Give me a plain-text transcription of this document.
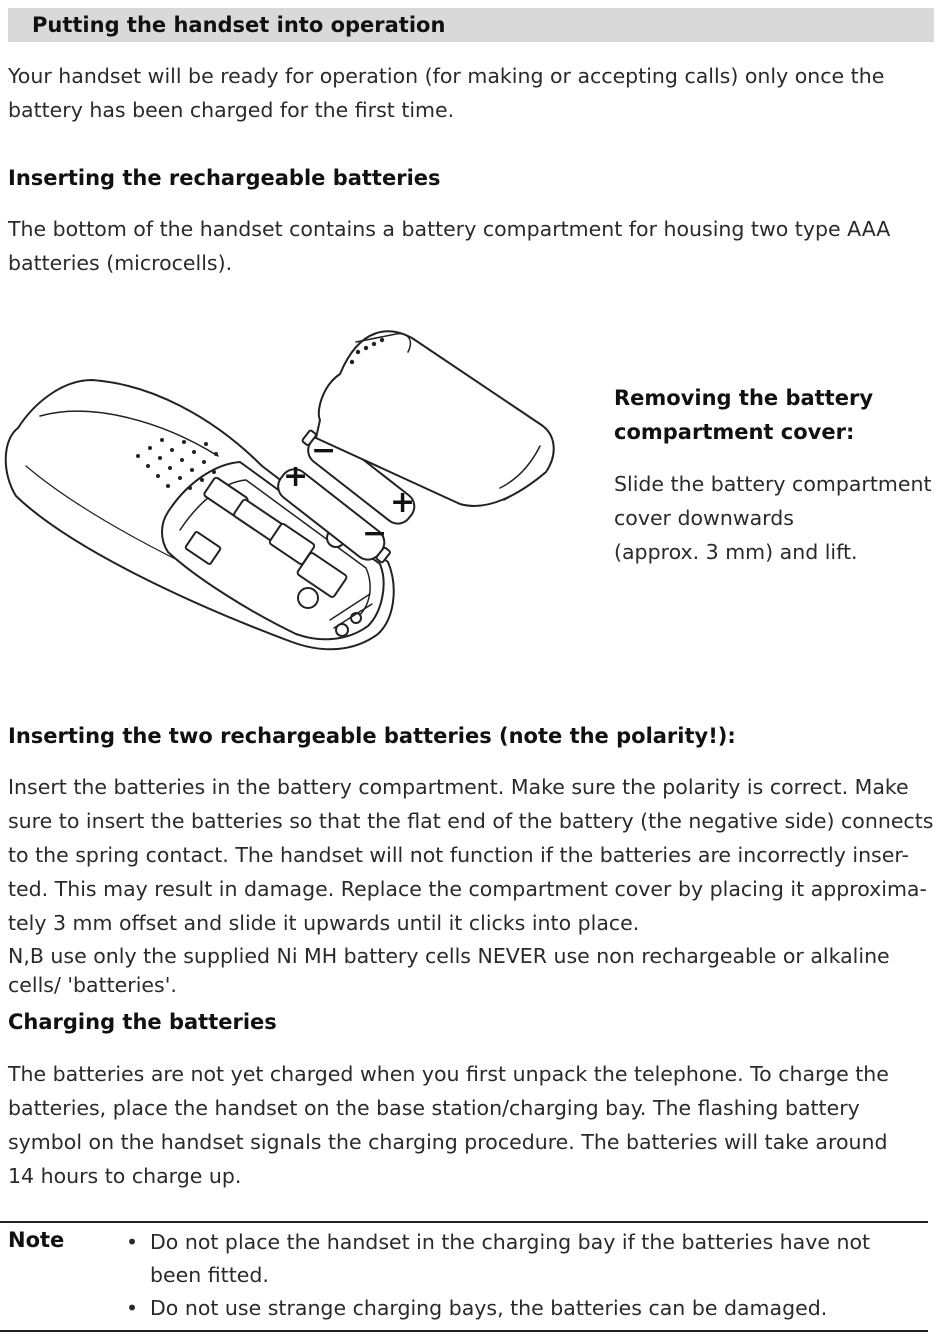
Putting the handset into operation
Your handset will be ready for operation (for making or accepting calls) only once the
battery has been charged for the first time.
Inserting the rechargeable batteries
The bottom of the handset contains a battery compartment for housing two type AAA
batteries (microcells).
+
+
−
−
Removing the battery
compartment cover:
Slide the battery compartment
cover downwards
(approx. 3 mm) and lift.
Inserting the two rechargeable batteries (note the polarity!):
Insert the batteries in the battery compartment. Make sure the polarity is correct. Make
sure to insert the batteries so that the flat end of the battery (the negative side) connects
to the spring contact. The handset will not function if the batteries are incorrectly inser-
ted. This may result in damage. Replace the compartment cover by placing it approxima-
tely 3 mm offset and slide it upwards until it clicks into place.
N,B use only the supplied Ni MH battery cells NEVER use non rechargeable or alkaline
cells/ 'batteries'.
Charging the batteries
The batteries are not yet charged when you first unpack the telephone. To charge the
batteries, place the handset on the base station/charging bay. The flashing battery
symbol on the handset signals the charging procedure. The batteries will take around
14 hours to charge up.
Note	• Do not place the handset in the charging bay if the batteries have not
been fitted.
• Do not use strange charging bays, the batteries can be damaged.
